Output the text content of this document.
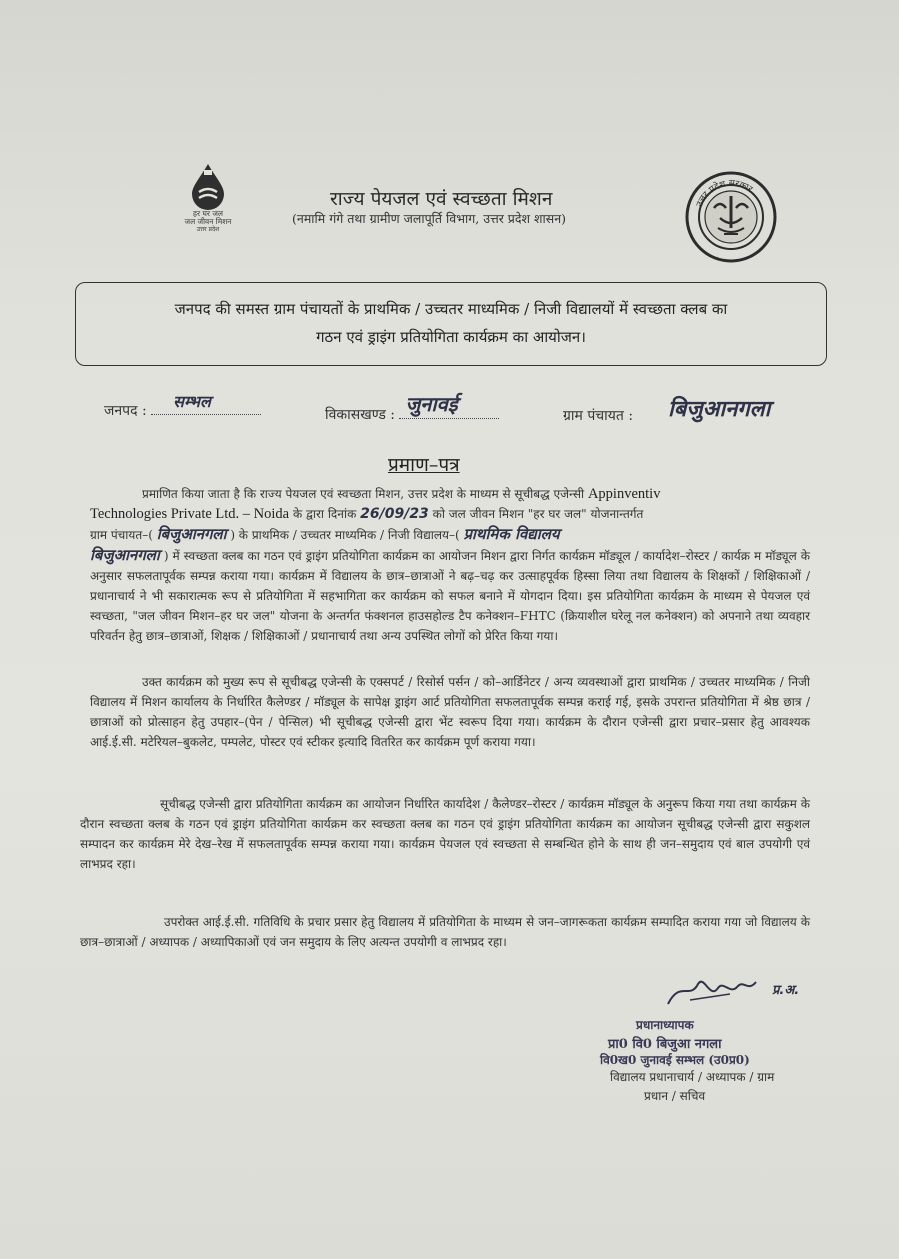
हर घर जल
जल जीवन मिशन
उत्तर प्रदेश
राज्य पेयजल एवं स्वच्छता मिशन
(नमामि गंगे तथा ग्रामीण जलापूर्ति विभाग, उत्तर प्रदेश शासन)
उत्तर प्रदेश सरकार
जनपद की समस्त ग्राम पंचायतों के प्राथमिक / उच्चतर माध्यमिक / निजी विद्यालयों में स्वच्छता क्लब का
गठन एवं ड्राइंग प्रतियोगिता कार्यक्रम का आयोजन।
जनपद : सम्भल
विकासखण्ड : जुनावई	ग्राम पंचायत : बिजुआनगला
प्रमाण–पत्र
प्रमाणित किया जाता है कि राज्य पेयजल एवं स्वच्छता मिशन, उत्तर प्रदेश के माध्यम से सूचीबद्ध एजेन्सी Appinventiv
Technologies Private Ltd. – Noida के द्वारा दिनांक 26/09/23 को जल जीवन मिशन "हर घर जल" योजनान्तर्गत
ग्राम पंचायत–( बिजुआनगला ) के प्राथमिक / उच्चतर माध्यमिक / निजी विद्यालय–( प्राथमिक विद्यालय
बिजुआनगला ) में स्वच्छता क्लब का गठन एवं ड्राइंग प्रतियोगिता कार्यक्रम का आयोजन मिशन द्वारा निर्गत कार्यक्रम मॉड्यूल / कार्यादेश–रोस्टर / कार्यक्र म मॉड्यूल के अनुसार सफलतापूर्वक सम्पन्न कराया गया। कार्यक्रम में विद्यालय के छात्र–छात्राओं ने बढ़–चढ़ कर उत्साहपूर्वक हिस्सा लिया तथा विद्यालय के शिक्षकों / शिक्षिकाओं / प्रधानाचार्य ने भी सकारात्मक रूप से प्रतियोगिता में सहभागिता कर कार्यक्रम को सफल बनाने में योगदान दिया। इस प्रतियोगिता कार्यक्रम के माध्यम से पेयजल एवं स्वच्छता, "जल जीवन मिशन–हर घर जल" योजना के अन्तर्गत फंक्शनल हाउसहोल्ड टैप कनेक्शन–FHTC (क्रियाशील घरेलू नल कनेक्शन) को अपनाने तथा व्यवहार परिवर्तन हेतु छात्र–छात्राओं, शिक्षक / शिक्षिकाओं / प्रधानाचार्य तथा अन्य उपस्थित लोगों को प्रेरित किया गया।
उक्त कार्यक्रम को मुख्य रूप से सूचीबद्ध एजेन्सी के एक्सपर्ट / रिसोर्स पर्सन / को–आर्डिनेटर / अन्य व्यवस्थाओं द्वारा प्राथमिक / उच्चतर माध्यमिक / निजी विद्यालय में मिशन कार्यालय के निर्धारित कैलेण्डर / मॉड्यूल के सापेक्ष ड्राइंग आर्ट प्रतियोगिता सफलतापूर्वक सम्पन्न कराई गई, इसके उपरान्त प्रतियोगिता में श्रेष्ठ छात्र / छात्राओं को प्रोत्साहन हेतु उपहार–(पेन / पेन्सिल) भी सूचीबद्ध एजेन्सी द्वारा भेंट स्वरूप दिया गया। कार्यक्रम के दौरान एजेन्सी द्वारा प्रचार–प्रसार हेतु आवश्यक आई.ई.सी. मटेरियल–बुकलेट, पम्पलेट, पोस्टर एवं स्टीकर इत्यादि वितरित कर कार्यक्रम पूर्ण कराया गया।
सूचीबद्ध एजेन्सी द्वारा प्रतियोगिता कार्यक्रम का आयोजन निर्धारित कार्यादेश / कैलेण्डर–रोस्टर / कार्यक्रम मॉड्यूल के अनुरूप किया गया तथा कार्यक्रम के दौरान स्वच्छता क्लब के गठन एवं ड्राइंग प्रतियोगिता कार्यक्रम कर स्वच्छता क्लब का गठन एवं ड्राइंग प्रतियोगिता कार्यक्रम का आयोजन सूचीबद्ध एजेन्सी द्वारा सकुशल सम्पादन कर कार्यक्रम मेरे देख–रेख में सफलतापूर्वक सम्पन्न कराया गया। कार्यक्रम पेयजल एवं स्वच्छता से सम्बन्धित होने के साथ ही जन–समुदाय एवं बाल उपयोगी एवं लाभप्रद रहा।
उपरोक्त आई.ई.सी. गतिविधि के प्रचार प्रसार हेतु विद्यालय में प्रतियोगिता के माध्यम से जन–जागरूकता कार्यक्रम सम्पादित कराया गया जो विद्यालय के छात्र–छात्राओं / अध्यापक / अध्यापिकाओं एवं जन समुदाय के लिए अत्यन्त उपयोगी व लाभप्रद रहा।
प्र.अ.
प्रधानाध्यापक
प्रा0 वि0 बिजुआ नगला
वि0ख0 जुनावई सम्भल (उ0प्र0)
विद्यालय प्रधानाचार्य / अध्यापक / ग्राम
प्रधान / सचिव
